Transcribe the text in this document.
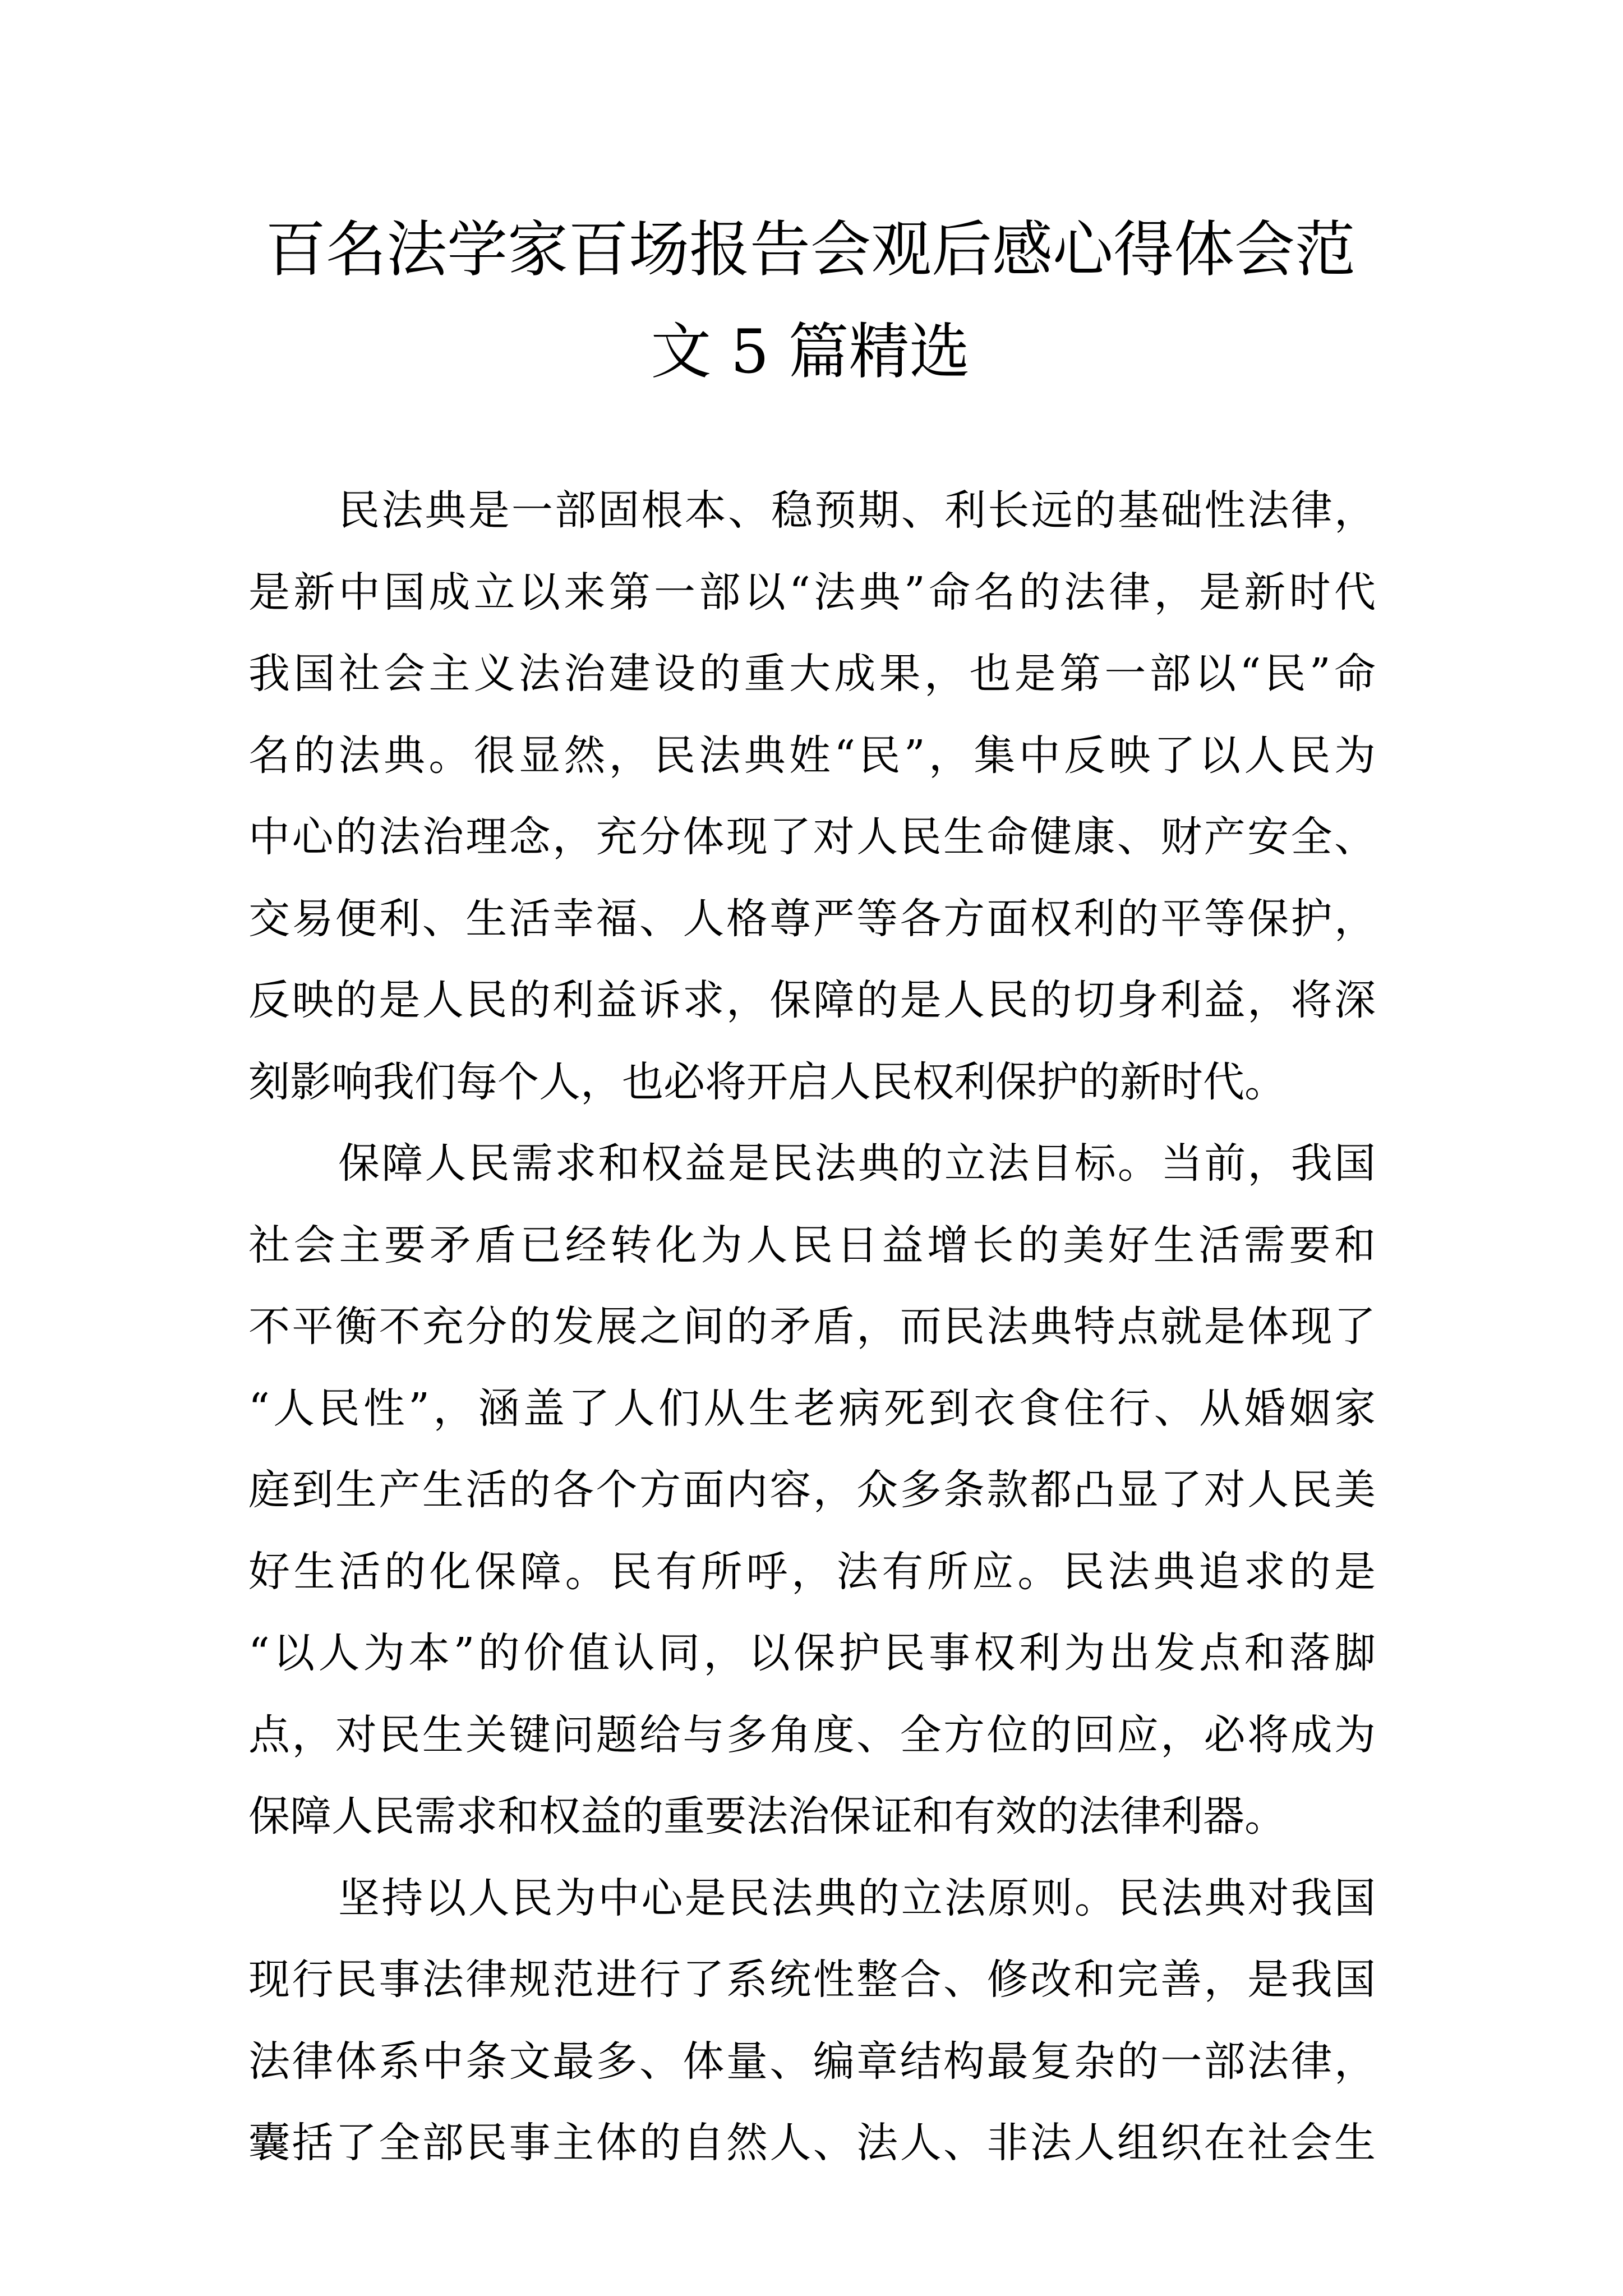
百名法学家百场报告会观后感心得体会范
文 5 篇精选
民法典是一部固根本、稳预期、利长远的基础性法律，
是新中国成立以来第一部以“法典”命名的法律，是新时代
我国社会主义法治建设的重大成果，也是第一部以“民”命
名的法典。很显然，民法典姓“民”，集中反映了以人民为
中心的法治理念，充分体现了对人民生命健康、财产安全、
交易便利、生活幸福、人格尊严等各方面权利的平等保护，
反映的是人民的利益诉求，保障的是人民的切身利益，将深
刻影响我们每个人，也必将开启人民权利保护的新时代。
保障人民需求和权益是民法典的立法目标。当前，我国
社会主要矛盾已经转化为人民日益增长的美好生活需要和
不平衡不充分的发展之间的矛盾，而民法典特点就是体现了
“人民性”，涵盖了人们从生老病死到衣食住行、从婚姻家
庭到生产生活的各个方面内容，众多条款都凸显了对人民美
好生活的化保障。民有所呼，法有所应。民法典追求的是
“以人为本”的价值认同，以保护民事权利为出发点和落脚
点，对民生关键问题给与多角度、全方位的回应，必将成为
保障人民需求和权益的重要法治保证和有效的法律利器。
坚持以人民为中心是民法典的立法原则。民法典对我国
现行民事法律规范进行了系统性整合、修改和完善，是我国
法律体系中条文最多、体量、编章结构最复杂的一部法律，
囊括了全部民事主体的自然人、法人、非法人组织在社会生
